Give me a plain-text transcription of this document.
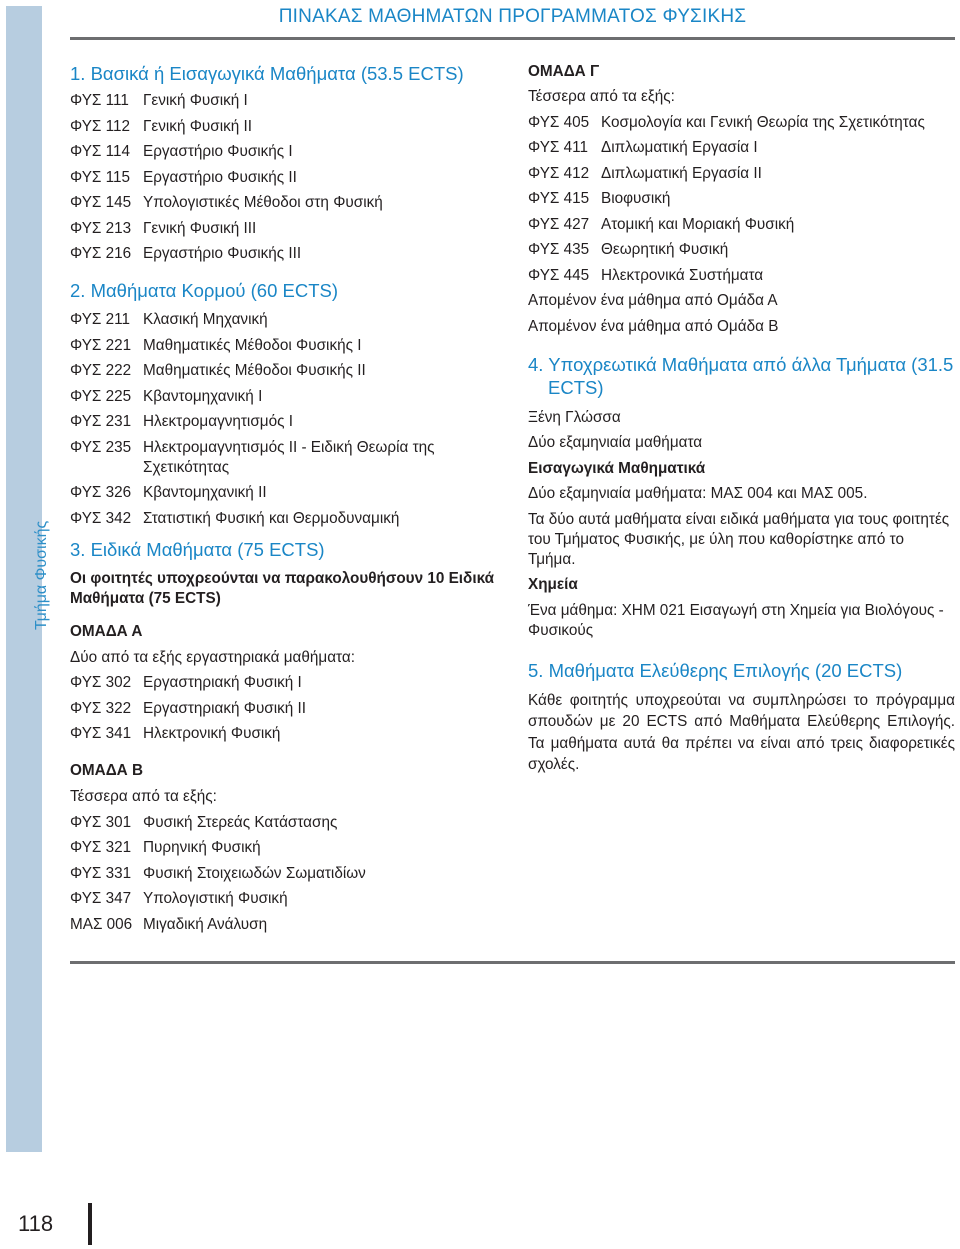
Τμήμα Φυσικής
ΠΙΝΑΚΑΣ ΜΑΘΗΜΑΤΩΝ ΠΡΟΓΡΑΜΜΑΤΟΣ ΦΥΣΙΚΗΣ

1. Βασικά ή Εισαγωγικά Μαθήματα (53.5 ECTS)

ΦΥΣ 111 Γενική Φυσική I
ΦΥΣ 112 Γενική Φυσική II
ΦΥΣ 114 Εργαστήριο Φυσικής I
ΦΥΣ 115 Εργαστήριο Φυσικής II
ΦΥΣ 145 Υπολογιστικές Μέθοδοι στη Φυσική
ΦΥΣ 213 Γενική Φυσική III
ΦΥΣ 216 Εργαστήριο Φυσικής III

2. Μαθήματα Κορμού (60 ECTS)

ΦΥΣ 211 Κλασική Μηχανική
ΦΥΣ 221 Μαθηματικές Μέθοδοι Φυσικής I
ΦΥΣ 222 Μαθηματικές Μέθοδοι Φυσικής II
ΦΥΣ 225 Κβαντομηχανική I
ΦΥΣ 231 Ηλεκτρομαγνητισμός I
ΦΥΣ 235 Ηλεκτρομαγνητισμός II - Ειδική Θεωρία της Σχετικότητας
ΦΥΣ 326 Κβαντομηχανική II
ΦΥΣ 342 Στατιστική Φυσική και Θερμοδυναμική

3. Ειδικά Μαθήματα (75 ECTS)

Οι φοιτητές υποχρεούνται να παρακολουθήσουν 10 Ειδικά Μαθήματα (75 ECTS)

ΟΜΑΔΑ Α

Δύο από τα εξής εργαστηριακά μαθήματα:

ΦΥΣ 302 Εργαστηριακή Φυσική I
ΦΥΣ 322 Εργαστηριακή Φυσική II
ΦΥΣ 341 Ηλεκτρονική Φυσική

ΟΜΑΔΑ Β

Τέσσερα από τα εξής:

ΦΥΣ 301 Φυσική Στερεάς Κατάστασης
ΦΥΣ 321 Πυρηνική Φυσική
ΦΥΣ 331 Φυσική Στοιχειωδών Σωματιδίων
ΦΥΣ 347 Υπολογιστική Φυσική
ΜΑΣ 006 Μιγαδική Ανάλυση

ΟΜΑΔΑ Γ

Τέσσερα από τα εξής:

ΦΥΣ 405 Κοσμολογία και Γενική Θεωρία της Σχετικότητας
ΦΥΣ 411 Διπλωματική Εργασία I
ΦΥΣ 412 Διπλωματική Εργασία II
ΦΥΣ 415 Βιοφυσική
ΦΥΣ 427 Ατομική και Μοριακή Φυσική
ΦΥΣ 435 Θεωρητική Φυσική
ΦΥΣ 445 Ηλεκτρονικά Συστήματα

Απομένον ένα μάθημα από Ομάδα Α

Απομένον ένα μάθημα από Ομάδα Β

4. Υποχρεωτικά Μαθήματα από άλλα Τμήματα (31.5 ECTS)

Ξένη Γλώσσα

Δύο εξαμηνιαία μαθήματα

Εισαγωγικά Μαθηματικά

Δύο εξαμηνιαία μαθήματα: ΜΑΣ 004 και ΜΑΣ 005.

Τα δύο αυτά μαθήματα είναι ειδικά μαθήματα για τους φοιτητές του Τμήματος Φυσικής, με ύλη που καθορίστηκε από το Τμήμα.

Χημεία

Ένα μάθημα: ΧΗΜ 021 Εισαγωγή στη Χημεία για Βιολόγους - Φυσικούς

5. Μαθήματα Ελεύθερης Επιλογής (20 ECTS)

Κάθε φοιτητής υποχρεούται να συμπληρώσει το πρόγραμμα σπουδών με 20 ECTS από Μαθήματα Ελεύθερης Επιλογής. Τα μαθήματα αυτά θα πρέπει να είναι από τρεις διαφορετικές σχολές.

118
